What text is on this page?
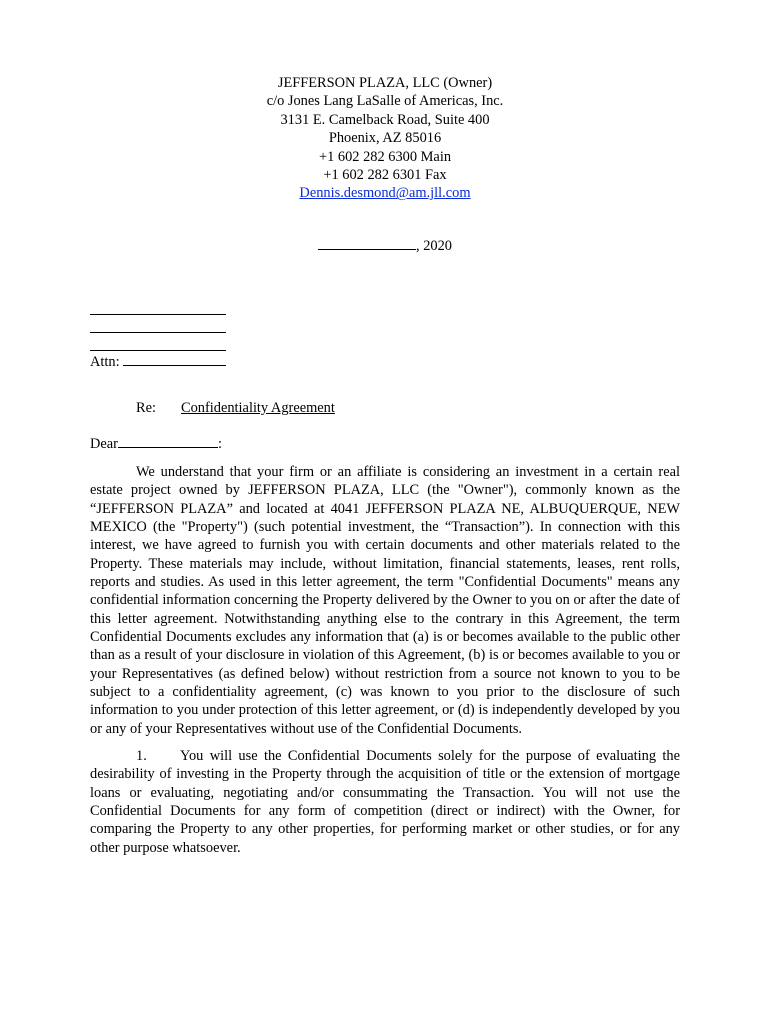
JEFFERSON PLAZA, LLC (Owner)
c/o Jones Lang LaSalle of Americas, Inc.
3131 E. Camelback Road, Suite 400
Phoenix, AZ 85016
+1 602 282 6300 Main
+1 602 282 6301 Fax
Dennis.desmond@am.jll.com
, 2020
Attn:
Re: Confidentiality Agreement
Dear	:

We understand that your firm or an affiliate is considering an investment in a certain real estate project owned by JEFFERSON PLAZA, LLC (the "Owner"), commonly known as the “JEFFERSON PLAZA” and located at 4041 JEFFERSON PLAZA NE, ALBUQUERQUE, NEW MEXICO (the "Property") (such potential investment, the “Transaction”). In connection with this interest, we have agreed to furnish you with certain documents and other materials related to the Property. These materials may include, without limitation, financial statements, leases, rent rolls, reports and studies. As used in this letter agreement, the term "Confidential Documents" means any confidential information concerning the Property delivered by the Owner to you on or after the date of this letter agreement. Notwithstanding anything else to the contrary in this Agreement, the term Confidential Documents excludes any information that (a) is or becomes available to the public other than as a result of your disclosure in violation of this Agreement, (b) is or becomes available to you or your Representatives (as defined below) without restriction from a source not known to you to be subject to a confidentiality agreement, (c) was known to you prior to the disclosure of such information to you under protection of this letter agreement, or (d) is independently developed by you or any of your Representatives without use of the Confidential Documents.

1. You will use the Confidential Documents solely for the purpose of evaluating the desirability of investing in the Property through the acquisition of title or the extension of mortgage loans or evaluating, negotiating and/or consummating the Transaction. You will not use the Confidential Documents for any form of competition (direct or indirect) with the Owner, for comparing the Property to any other properties, for performing market or other studies, or for any other purpose whatsoever.
